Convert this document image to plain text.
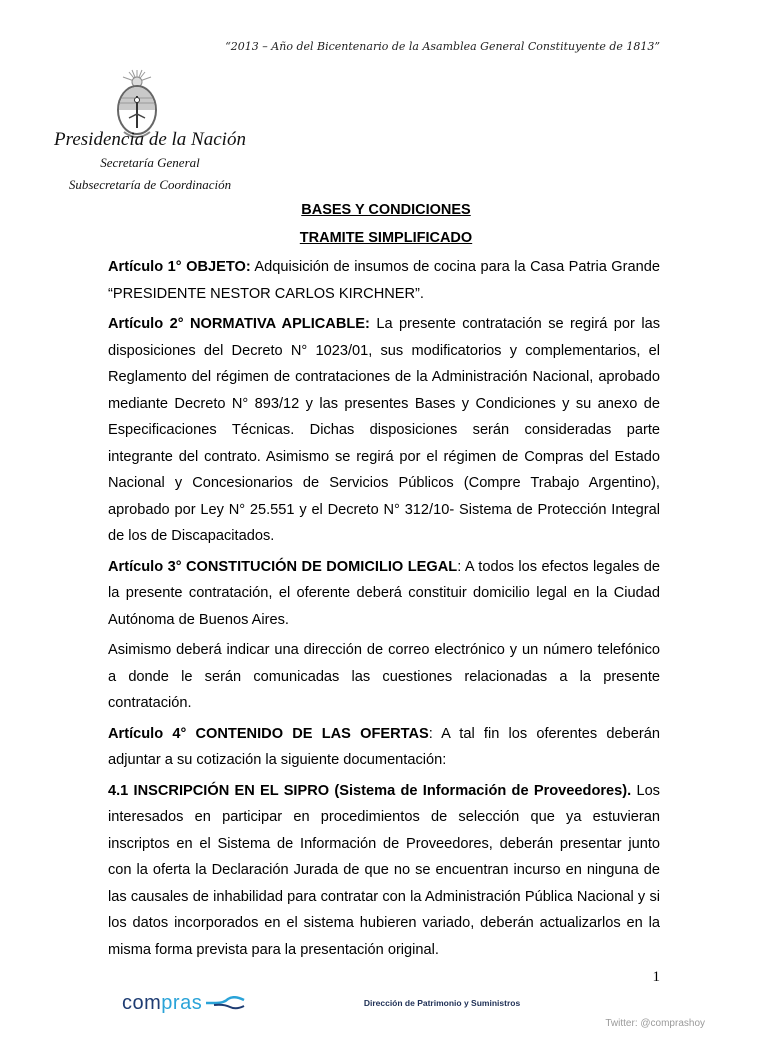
“2013 – Año del Bicentenario de la Asamblea General Constituyente de 1813”
Presidencia de la Nación
Secretaría General
Subsecretaría de Coordinación
BASES Y CONDICIONES
TRAMITE SIMPLIFICADO

Artículo 1° OBJETO: Adquisición de insumos de cocina para la Casa Patria Grande “PRESIDENTE NESTOR CARLOS KIRCHNER”.

Artículo 2° NORMATIVA APLICABLE: La presente contratación se regirá por las disposiciones del Decreto N° 1023/01, sus modificatorios y complementarios, el Reglamento del régimen de contrataciones de la Administración Nacional, aprobado mediante Decreto N° 893/12 y las presentes Bases y Condiciones y su anexo de Especificaciones Técnicas. Dichas disposiciones serán consideradas parte integrante del contrato. Asimismo se regirá por el régimen de Compras del Estado Nacional y Concesionarios de Servicios Públicos (Compre Trabajo Argentino), aprobado por Ley N° 25.551 y el Decreto N° 312/10- Sistema de Protección Integral de los de Discapacitados.

Artículo 3° CONSTITUCIÓN DE DOMICILIO LEGAL: A todos los efectos legales de la presente contratación, el oferente deberá constituir domicilio legal en la Ciudad Autónoma de Buenos Aires.

Asimismo deberá indicar una dirección de correo electrónico y un número telefónico a donde le serán comunicadas las cuestiones relacionadas a la presente contratación.

Artículo 4° CONTENIDO DE LAS OFERTAS: A tal fin los oferentes deberán adjuntar a su cotización la siguiente documentación:

4.1 INSCRIPCIÓN EN EL SIPRO (Sistema de Información de Proveedores). Los interesados en participar en procedimientos de selección que ya estuvieran inscriptos en el Sistema de Información de Proveedores, deberán presentar junto con la oferta la Declaración Jurada de que no se encuentran incurso en ninguna de las causales de inhabilidad para contratar con la Administración Pública Nacional y si los datos incorporados en el sistema hubieren variado, deberán actualizarlos en la misma forma prevista para la presentación original.

1
com pras	Dirección de Patrimonio y Suministros
Twitter: @comprashoy
